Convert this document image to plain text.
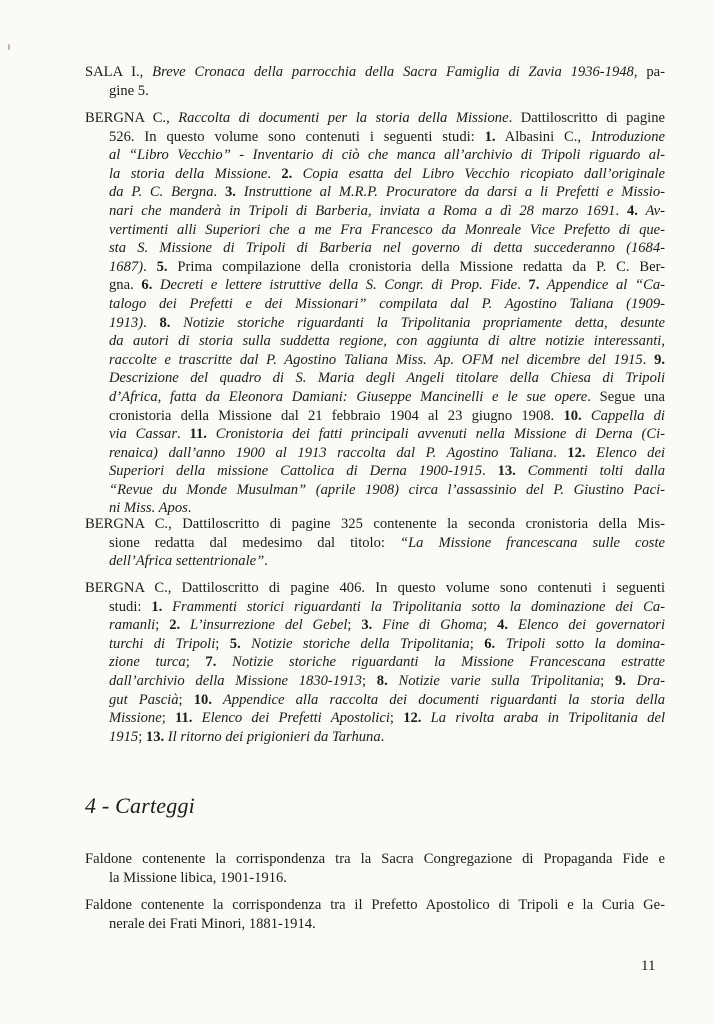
SALA I., Breve Cronaca della parrocchia della Sacra Famiglia di Zavia 1936-1948, pa-
gine 5.
BERGNA C., Raccolta di documenti per la storia della Missione. Dattiloscritto di pagine
526. In questo volume sono contenuti i seguenti studi: 1. Albasini C., Introduzione
al “Libro Vecchio” - Inventario di ciò che manca all’archivio di Tripoli riguardo al-
la storia della Missione. 2. Copia esatta del Libro Vecchio ricopiato dall’originale
da P. C. Bergna. 3. Instruttione al M.R.P. Procuratore da darsi a li Prefetti e Missio-
nari che manderà in Tripoli di Barberia, inviata a Roma a dì 28 marzo 1691. 4. Av-
vertimenti alli Superiori che a me Fra Francesco da Monreale Vice Prefetto di que-
sta S. Missione di Tripoli di Barberia nel governo di detta succederanno (1684-
1687). 5. Prima compilazione della cronistoria della Missione redatta da P. C. Ber-
gna. 6. Decreti e lettere istruttive della S. Congr. di Prop. Fide. 7. Appendice al “Ca-
talogo dei Prefetti e dei Missionari” compilata dal P. Agostino Taliana (1909-
1913). 8. Notizie storiche riguardanti la Tripolitania propriamente detta, desunte
da autori di storia sulla suddetta regione, con aggiunta di altre notizie interessanti,
raccolte e trascritte dal P. Agostino Taliana Miss. Ap. OFM nel dicembre del 1915. 9.
Descrizione del quadro di S. Maria degli Angeli titolare della Chiesa di Tripoli
d’Africa, fatta da Eleonora Damiani: Giuseppe Mancinelli e le sue opere. Segue una
cronistoria della Missione dal 21 febbraio 1904 al 23 giugno 1908. 10. Cappella di
via Cassar. 11. Cronistoria dei fatti principali avvenuti nella Missione di Derna (Ci-
renaica) dall’anno 1900 al 1913 raccolta dal P. Agostino Taliana. 12. Elenco dei
Superiori della missione Cattolica di Derna 1900-1915. 13. Commenti tolti dalla
“Revue du Monde Musulman” (aprile 1908) circa l’assassinio del P. Giustino Paci-
ni Miss. Apos.
BERGNA C., Dattiloscritto di pagine 325 contenente la seconda cronistoria della Mis-
sione redatta dal medesimo dal titolo: “La Missione francescana sulle coste
dell’Africa settentrionale”.
BERGNA C., Dattiloscritto di pagine 406. In questo volume sono contenuti i seguenti
studi: 1. Frammenti storici riguardanti la Tripolitania sotto la dominazione dei Ca-
ramanli; 2. L’insurrezione del Gebel; 3. Fine di Ghoma; 4. Elenco dei governatori
turchi di Tripoli; 5. Notizie storiche della Tripolitania; 6. Tripoli sotto la domina-
zione turca; 7. Notizie storiche riguardanti la Missione Francescana estratte
dall’archivio della Missione 1830-1913; 8. Notizie varie sulla Tripolitania; 9. Dra-
gut Pascià; 10. Appendice alla raccolta dei documenti riguardanti la storia della
Missione; 11. Elenco dei Prefetti Apostolici; 12. La rivolta araba in Tripolitania del
1915; 13. Il ritorno dei prigionieri da Tarhuna.
4 - Carteggi
Faldone contenente la corrispondenza tra la Sacra Congregazione di Propaganda Fide e
la Missione libica, 1901-1916.
Faldone contenente la corrispondenza tra il Prefetto Apostolico di Tripoli e la Curia Ge-
nerale dei Frati Minori, 1881-1914.
11
